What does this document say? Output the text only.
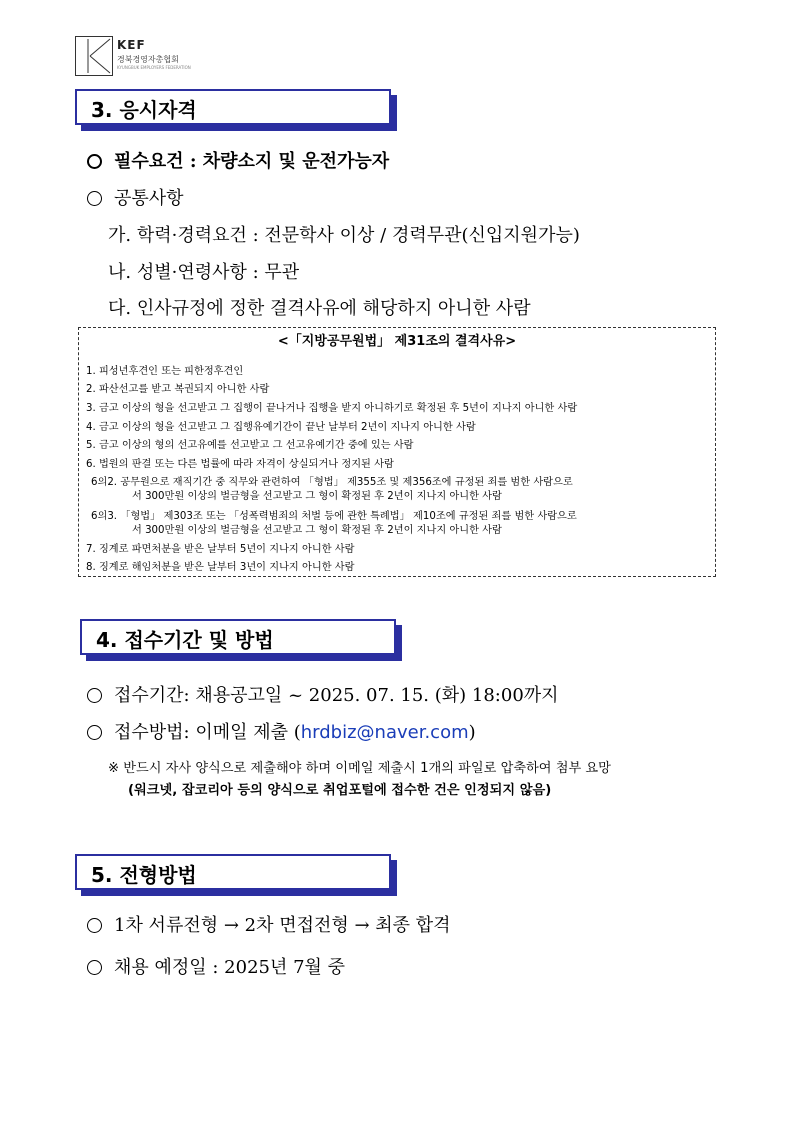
KEF
경북경영자총협회
KYUNGBUK EMPLOYERS FEDERATION
3. 응시자격
필수요건 : 차량소지 및 운전가능자
공통사항
가. 학력·경력요건 : 전문학사 이상 / 경력무관(신입지원가능)
나. 성별·연령사항 : 무관
다. 인사규정에 정한 결격사유에 해당하지 아니한 사람
<「지방공무원법」 제31조의 결격사유>
1. 피성년후견인 또는 피한정후견인
2. 파산선고를 받고 복권되지 아니한 사람
3. 금고 이상의 형을 선고받고 그 집행이 끝나거나 집행을 받지 아니하기로 확정된 후 5년이 지나지 아니한 사람
4. 금고 이상의 형을 선고받고 그 집행유예기간이 끝난 날부터 2년이 지나지 아니한 사람
5. 금고 이상의 형의 선고유예를 선고받고 그 선고유예기간 중에 있는 사람
6. 법원의 판결 또는 다른 법률에 따라 자격이 상실되거나 정지된 사람
6의2. 공무원으로 재직기간 중 직무와 관련하여 「형법」 제355조 및 제356조에 규정된 죄를 범한 사람으로
서 300만원 이상의 벌금형을 선고받고 그 형이 확정된 후 2년이 지나지 아니한 사람
6의3. 「형법」 제303조 또는 「성폭력범죄의 처벌 등에 관한 특례법」 제10조에 규정된 죄를 범한 사람으로
서 300만원 이상의 벌금형을 선고받고 그 형이 확정된 후 2년이 지나지 아니한 사람
7. 징계로 파면처분을 받은 날부터 5년이 지나지 아니한 사람
8. 징계로 해임처분을 받은 날부터 3년이 지나지 아니한 사람
4. 접수기간 및 방법
접수기간: 채용공고일 ~ 2025. 07. 15. (화) 18:00까지
접수방법: 이메일 제출 (hrdbiz@naver.com)
※ 반드시 자사 양식으로 제출해야 하며 이메일 제출시 1개의 파일로 압축하여 첨부 요망
(워크넷, 잡코리아 등의 양식으로 취업포털에 접수한 건은 인정되지 않음)
5. 전형방법
1차 서류전형 → 2차 면접전형 → 최종 합격
채용 예정일 : 2025년 7월 중
